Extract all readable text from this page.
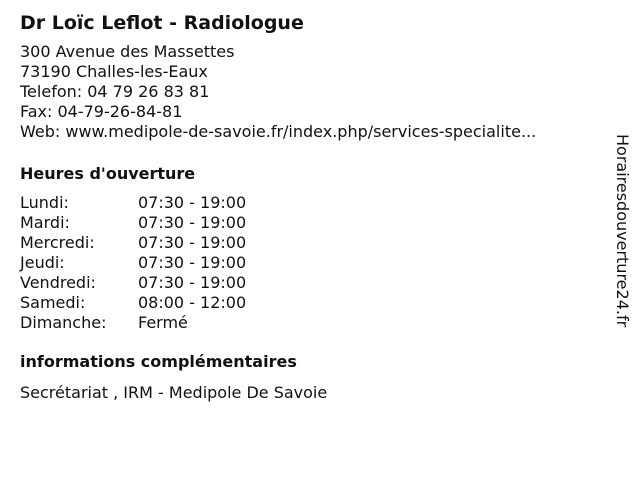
Dr Loïc Leflot - Radiologue
300 Avenue des Massettes
73190 Challes-les-Eaux
Telefon: 04 79 26 83 81
Fax: 04-79-26-84-81
Web: www.medipole-de-savoie.fr/index.php/services-specialite...
Heures d'ouverture
Lundi:	07:30 - 19:00
Mardi:	07:30 - 19:00
Mercredi:	07:30 - 19:00
Jeudi:	07:30 - 19:00
Vendredi:	07:30 - 19:00
Samedi:	08:00 - 12:00
Dimanche:	Fermé
informations complémentaires
Secrétariat , IRM - Medipole De Savoie
Horairesdouverture24.fr
